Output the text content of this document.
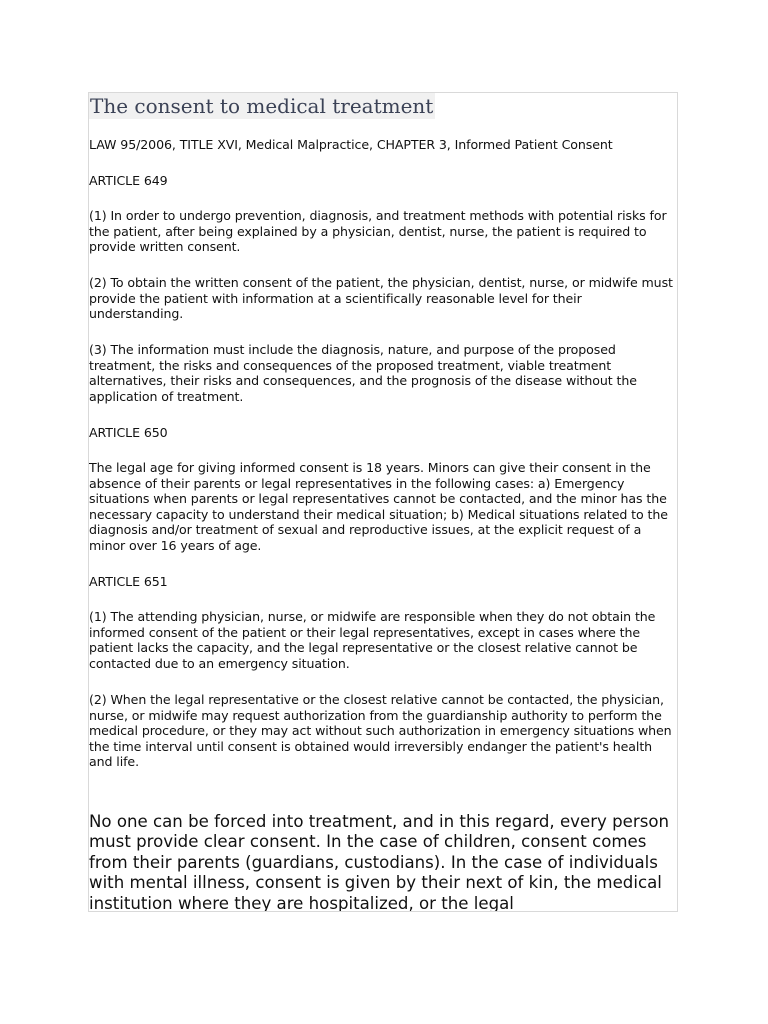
The consent to medical treatment

LAW 95/2006, TITLE XVI, Medical Malpractice, CHAPTER 3, Informed Patient Consent

ARTICLE 649

(1) In order to undergo prevention, diagnosis, and treatment methods with potential risks for the patient, after being explained by a physician, dentist, nurse, the patient is required to provide written consent.

(2) To obtain the written consent of the patient, the physician, dentist, nurse, or midwife must provide the patient with information at a scientifically reasonable level for their understanding.

(3) The information must include the diagnosis, nature, and purpose of the proposed treatment, the risks and consequences of the proposed treatment, viable treatment alternatives, their risks and consequences, and the prognosis of the disease without the application of treatment.

ARTICLE 650

The legal age for giving informed consent is 18 years. Minors can give their consent in the absence of their parents or legal representatives in the following cases: a) Emergency situations when parents or legal representatives cannot be contacted, and the minor has the necessary capacity to understand their medical situation; b) Medical situations related to the diagnosis and/or treatment of sexual and reproductive issues, at the explicit request of a minor over 16 years of age.

ARTICLE 651

(1) The attending physician, nurse, or midwife are responsible when they do not obtain the informed consent of the patient or their legal representatives, except in cases where the patient lacks the capacity, and the legal representative or the closest relative cannot be contacted due to an emergency situation.

(2) When the legal representative or the closest relative cannot be contacted, the physician, nurse, or midwife may request authorization from the guardianship authority to perform the medical procedure, or they may act without such authorization in emergency situations when the time interval until consent is obtained would irreversibly endanger the patient's health and life.

No one can be forced into treatment, and in this regard, every person must provide clear consent. In the case of children, consent comes from their parents (guardians, custodians). In the case of individuals with mental illness, consent is given by their next of kin, the medical institution where they are hospitalized, or the legal
